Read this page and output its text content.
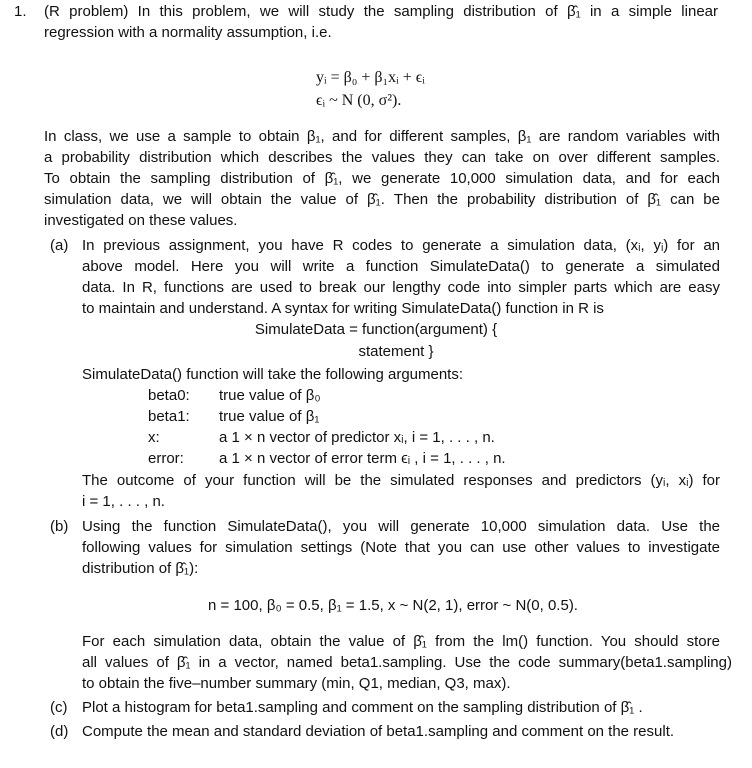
1. (R problem) In this problem, we will study the sampling distribution of β̂₁ in a simple linear
regression with a normality assumption, i.e.
yᵢ = β₀ + β₁xᵢ + ϵᵢ
ϵᵢ ~ N (0, σ²).
In class, we use a sample to obtain β₁, and for different samples, β₁ are random variables with
a probability distribution which describes the values they can take on over different samples.
To obtain the sampling distribution of β̂₁, we generate 10,000 simulation data, and for each
simulation data, we will obtain the value of β̂₁. Then the probability distribution of β̂₁ can be
investigated on these values.
(a) In previous assignment, you have R codes to generate a simulation data, (xᵢ, yᵢ) for an
above model. Here you will write a function SimulateData() to generate a simulated
data. In R, functions are used to break our lengthy code into simpler parts which are easy
to maintain and understand. A syntax for writing SimulateData() function in R is
SimulateData = function(argument) {
statement }
SimulateData() function will take the following arguments:
beta0: true value of β₀
beta1: true value of β₁
x:	a 1 × n vector of predictor xᵢ, i = 1, . . . , n.
error: a 1 × n vector of error term ϵᵢ , i = 1, . . . , n.
The outcome of your function will be the simulated responses and predictors (yᵢ, xᵢ) for
i = 1, . . . , n.
(b) Using the function SimulateData(), you will generate 10,000 simulation data. Use the
following values for simulation settings (Note that you can use other values to investigate
distribution of β̂₁):
n = 100, β₀ = 0.5, β₁ = 1.5, x ~ N(2, 1), error ~ N(0, 0.5).
For each simulation data, obtain the value of β̂₁ from the lm() function. You should store
all values of β̂₁ in a vector, named beta1.sampling. Use the code summary(beta1.sampling)
to obtain the five–number summary (min, Q1, median, Q3, max).
(c) Plot a histogram for beta1.sampling and comment on the sampling distribution of β̂₁ .
(d) Compute the mean and standard deviation of beta1.sampling and comment on the result.
